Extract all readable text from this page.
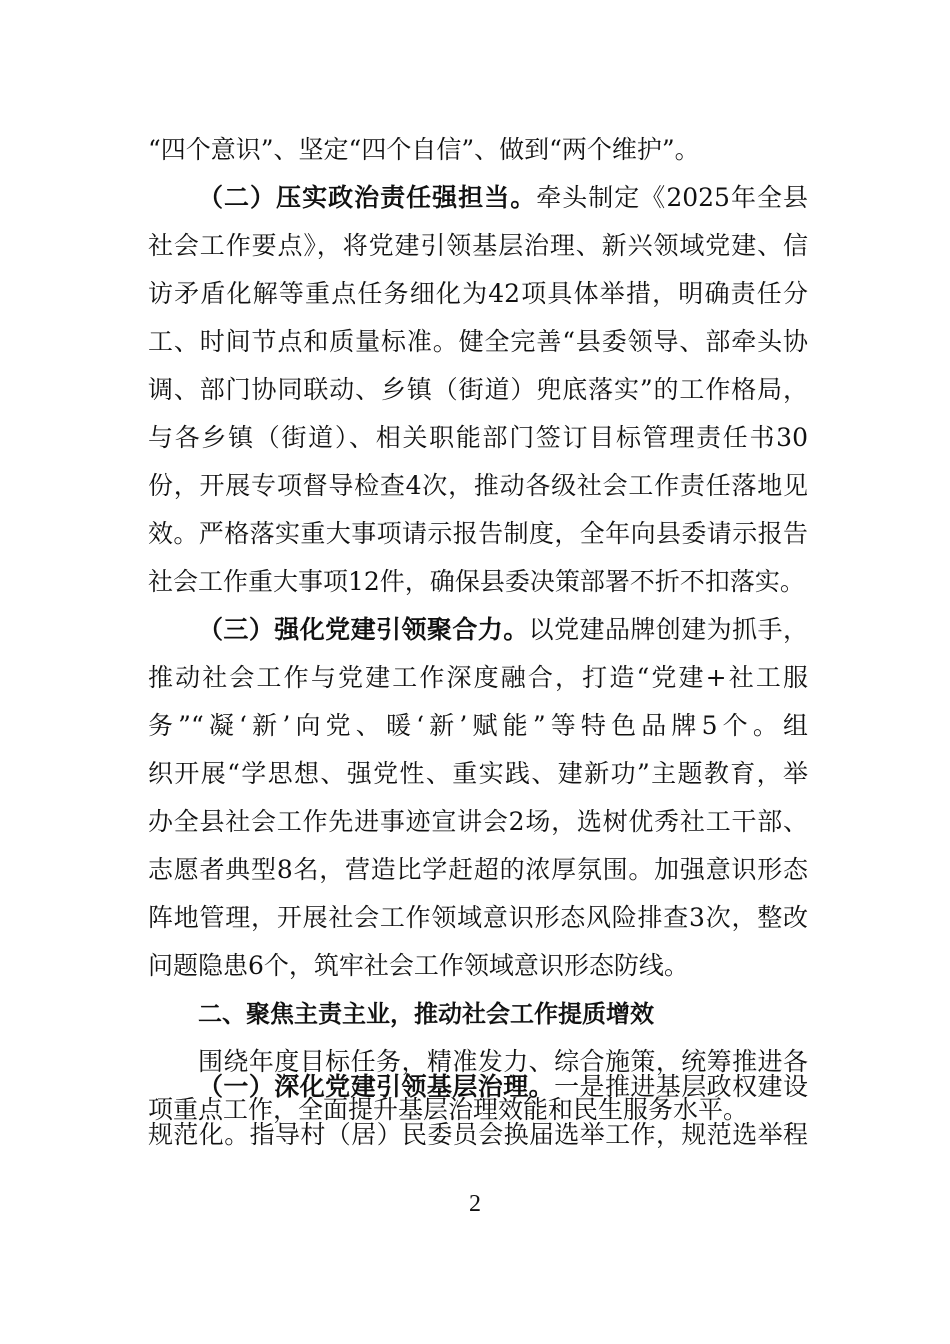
“四个意识”、坚定“四个自信”、做到“两个维护”。
（二）压实政治责任强担当。牵头制定《2025年全县
社会工作要点》，将党建引领基层治理、新兴领域党建、信
访矛盾化解等重点任务细化为42项具体举措，明确责任分
工、时间节点和质量标准。健全完善“县委领导、部牵头协
调、部门协同联动、乡镇（街道）兜底落实”的工作格局，
与各乡镇（街道）、相关职能部门签订目标管理责任书30
份，开展专项督导检查4次，推动各级社会工作责任落地见
效。严格落实重大事项请示报告制度，全年向县委请示报告
社会工作重大事项12件，确保县委决策部署不折不扣落实。
（三）强化党建引领聚合力。以党建品牌创建为抓手，
推动社会工作与党建工作深度融合，打造“党建+社工服
务”“凝‘新’向党、暖‘新’赋能”等特色品牌5个。组
织开展“学思想、强党性、重实践、建新功”主题教育，举
办全县社会工作先进事迹宣讲会2场，选树优秀社工干部、
志愿者典型8名，营造比学赶超的浓厚氛围。加强意识形态
阵地管理，开展社会工作领域意识形态风险排查3次，整改
问题隐患6个，筑牢社会工作领域意识形态防线。
二、聚焦主责主业，推动社会工作提质增效
围绕年度目标任务，精准发力、综合施策，统筹推进各
项重点工作，全面提升基层治理效能和民生服务水平。
（一）深化党建引领基层治理。一是推进基层政权建设
2
规范化。指导村（居）民委员会换届选举工作，规范选举程
